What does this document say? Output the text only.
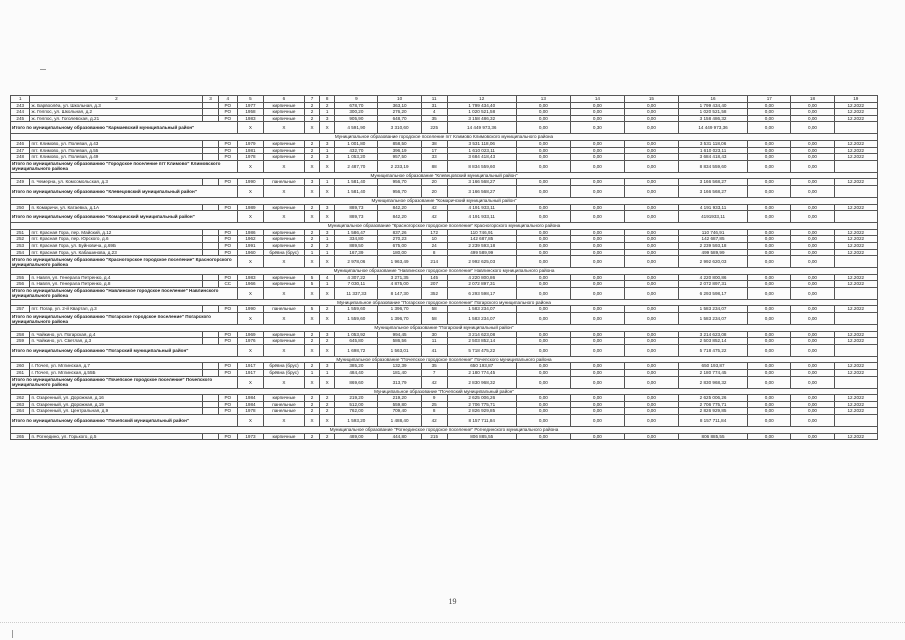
1	2	3	4	5	6	7	8	9	10	11	12	13	14	15	16	17	18	19
243	ж. Барвоолёа, ул. Школьная, д.3		PO	1977	кирпичные	2	2	678,70	363,10	31	1 799 434,40	0,00	0,00	0,00	1 799 434,40	0,00	0,00	12.2022
244	ж. Гелпос, ул. Школьная, д.2		PO	1958	кирпичные	2	1	300,20	276,20	4	1 020 521,58	0,00	0,00	0,00	1 020 521,58	0,00	0,00	12.2022
245	ж. Гелпос, ул. Гоголевская, д.21		PO	1983	кирпичные	2	3	905,90	648,70	35	3 158 486,32	0,00	0,00	0,00	3 158 486,32	0,00	0,00	12.2022
Итого по муниципальному образованию "Кармаевский муниципальный район"				X	X	X	X	4 591,90	3 310,60	225	14 449 973,36	0,00	0,30	0,00	14 449 973,36	0,00	0,00	
Муниципальное образование городское поселение пгт Климово Климовского муниципального района																		
246	пгт. Климово, ул. Полевая, д.43		PO	1979	кирпичные	2	3	1 001,80	858,50	38	3 531 118,06	0,00	0,00	0,00	3 531 118,06	0,00	0,00	12.2022
247	пгт. Климово, ул. Полевая, д.55		PO	1981	кирпичные	2	1	432,70	396,19	17	1 610 023,11	0,00	0,00	0,00	1 610 023,11	0,00	0,00	12.2022
248	пгт. Климово, ул. Полевая, д.49		PO	1978	кирпичные	2	3	1 053,20	957,50	33	3 684 418,43	0,00	0,00	0,00	3 684 418,43	0,00	0,00	12.2022
Итого по муниципальному образованию "Городское поселение пгт Климово" Климовского муниципального района				X	X	X	X	2 487,70	2 233,19	88	8 834 559,60	0,00	0,00	0,00	8 834 559,60	0,00	0,00	
Муниципальное образование "Клевецовский муниципальный район"																		
249	п. Чемерна, ул. Комсомольская, д.3		PO	1990	панельные	3	1	1 581,40	956,70	20	3 166 568,27	0,00	0,00	0,00	3 166 568,27	0,00	0,00	12.2022
Итого по муниципальному образованию "Клевецовский муниципальный район"				X	X	X	X	1 581,40	956,70	20	3 166 568,27	0,00	0,00	0,00	3 166 568,27	0,00	0,00	
Муниципальное образование "Комаричский муниципальный район"																		
250	п. Комаричи, ул. Катаевка, д.1А		PO	1989	кирпичные	2	3	889,73	842,20	42	4 191 933,11	0,00	0,00	0,00	4 191 933,11	0,00	0,00	12.2022
Итого по муниципальному образованию "Комаричский муниципальный район"				X	X	X	X	889,73	842,20	42	4 191 933,11	0,00	0,00	0,00	4191933,11	0,00	0,00	
Муниципальное образование "Красногорское городское поселение" Красногорского муниципального района																		
251	пгт. Красная Гора, пер. Майский, д.12		PO	1986	кирпичные	2	3	1 586,47	837,26	172	110 746,91	0,00	0,00	0,00	110 746,91	0,00	0,00	12.2022
252	пгт. Красная Гора, пер. Юрского, д.6		PO	1962	кирпичные	2	1	334,80	270,23	10	142 687,85	0,00	0,00	0,00	142 687,85	0,00	0,00	12.2022
253	пгт. Красная Гора, ул. Буйновича, д.69Б		PO	1991	кирпичные	2	2	889,50	675,00	24	2 239 593,18	0,00	0,00	0,00	2 239 593,18	0,00	0,00	12.2022
254	пгт. Красная Гора, ул. Кабашинова, д.23		PO	1960	брёвна (брус)	1	1	167,39	180,00	8	499 589,99	0,00	0,00	0,00	499 589,99	0,00	0,00	12.2022
Итого по муниципальному образованию "Красногорское городское поселение" Красногорского муниципального района				X	X	X	X	2 978,06	1 963,49	214	2 992 625,03	0,00	0,00	0,00	2 992 620,03	0,00	0,00	
Муниципальное образование "Навлинское городское поселение" Навлинского муниципального района																		
255	п. Навля, ул. Генерала Петренко, д.4		PO	1983	кирпичные	5	4	4 307,22	3 271,35	145	4 220 800,86	0,00	0,00	0,00	4 220 800,86	0,00	0,00	12.2022
256	п. Навля, ул. Генерала Петренко, д.8		СС	1966	кирпичные	5	1	7 030,11	4 875,00	207	2 072 897,31	0,00	0,00	0,00	2 072 897,31	0,00	0,00	12.2022
Итого по муниципальному образованию "Навлинское городское поселение" Навлинского муниципального района				X	X	X	X	11 337,33	8 147,30	352	6 293 598,17	0,00	0,00	0,00	6 293 598,17	0,00	0,00	
Муниципальное образование "Погарское городское поселение" Погарского муниципального района																		
257	пгт. Погар, ул. 2-й Квартал, д.3		PO	1990	панельные	5	2	1 559,60	1 396,70	58	1 583 234,07	0,00	0,00	0,00	1 583 234,07	0,00	0,00	12.2022
Итого по муниципальному образованию "Погарское городское поселение" Погарского муниципального района				X	X	X	X	1 559,60	1 396,70	58	1 583 234,07	0,00	0,00	0,00	1 583 234,07	0,00	0,00	
Муниципальное образование "Погарский муниципальный район"																		
258	п. Чайкино, ул. Погарская, д.4		PO	1969	кирпичные	2	3	1 053,92	994,45	30	3 214 623,08	0,00	0,00	0,00	3 214 623,08	0,00	0,00	12.2022
259	п. Чайкино, ул. Светлая, д.3		PO	1976	кирпичные	2	2	645,80	586,56	11	2 503 852,14	0,00	0,00	0,00	2 503 852,14	0,00	0,00	12.2022
Итого по муниципальному образованию "Погарский муниципальный район"				X	X	X	X	1 698,72	1 563,01	41	5 718 475,22	0,00	0,00	0,00	5 718 475,22	0,00	0,00	
Муниципальное образование "Почепское городское поселение" Почепского муниципального района																		
260	г. Почеп, ул. Мглинская, д.7		PO	1917	брёвна (брус)	2	3	385,20	132,39	35	650 193,87	0,00	0,00	0,00	650 193,87	0,00	0,00	12.2022
261	г. Почеп, ул. Мглинская, д.55Б		PO	1917	брёвна (брус)	1	1	484,40	181,40	7	2 180 774,45	0,00	0,00	0,00	2 180 774,45	0,00	0,00	12.2022
Итого по муниципальному образованию "Почепское городское поселение" Почепского муниципального района				X	X	X	X	869,60	313,79	42	2 830 968,32	0,00	0,00	0,00	2 830 968,32	0,00	0,00	
Муниципальное образование "Почепский муниципальный район"																		
262	п. Озаренный, ул. Дорожная, д.16		PO	1984	кирпичные	2	2	219,20	219,20	9	2 625 006,26	0,00	0,00	0,00	2 625 006,26	0,00	0,00	12.2022
263	п. Озаренный, ул. Дорожная, д.19		PO	1984	панельные	2	2	512,00	559,80	25	2 706 775,71	0,00	0,00	0,00	2 706 775,71	0,00	0,00	12.2022
264	п. Озаренный, ул. Центральная, д.9		PO	1978	панельные	2	2	762,00	709,40	8	2 826 929,85	0,00	0,00	0,00	2 826 929,85	0,00	0,00	12.2022
Итого по муниципальному образованию "Почепский муниципальный район"				X	X	X	X	1 593,20	1 488,40	42	8 157 711,84	0,00	0,00	0,00	8 157 711,84	0,00	0,00	
Муниципальное образование "Рогнединское городское поселение" Рогнединского муниципального района																		
265	п. Рогнедино, ул. Горького, д.5		PO	1973	кирпичные	2	2	489,00	444,80	215	806 885,55	0,00	0,00	0,00	806 885,55	0,00	0,00	12.2022
19
